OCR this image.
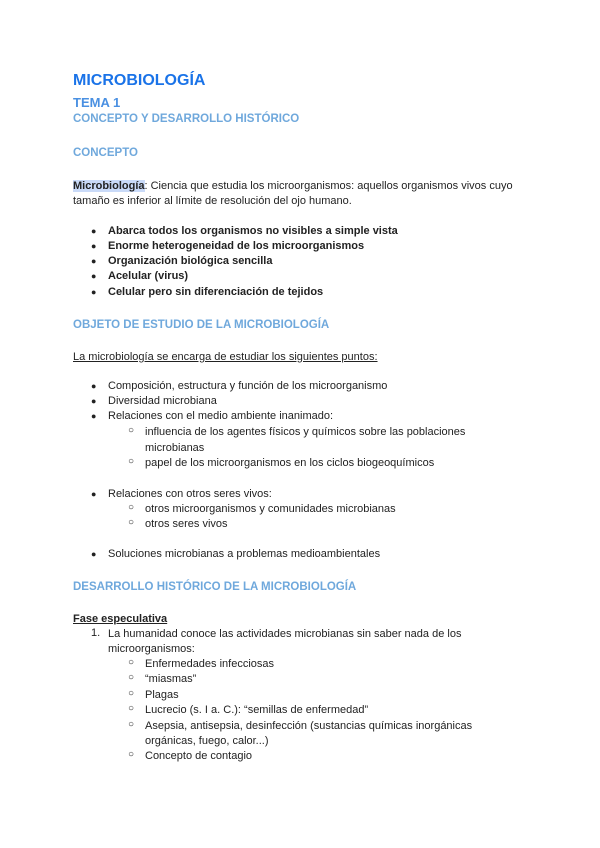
MICROBIOLOGÍA
TEMA 1
CONCEPTO Y DESARROLLO HISTÓRICO
CONCEPTO
Microbiología: Ciencia que estudia los microorganismos: aquellos organismos vivos cuyo
tamaño es inferior al límite de resolución del ojo humano.
● Abarca todos los organismos no visibles a simple vista
● Enorme heterogeneidad de los microorganismos
● Organización biológica sencilla
● Acelular (virus)
● Celular pero sin diferenciación de tejidos
OBJETO DE ESTUDIO DE LA MICROBIOLOGÍA
La microbiología se encarga de estudiar los siguientes puntos:
● Composición, estructura y función de los microorganismo
● Diversidad microbiana
● Relaciones con el medio ambiente inanimado:
○ influencia de los agentes físicos y químicos sobre las poblaciones
microbianas
○ papel de los microorganismos en los ciclos biogeoquímicos
● Relaciones con otros seres vivos:
○ otros microorganismos y comunidades microbianas
○ otros seres vivos
● Soluciones microbianas a problemas medioambientales
DESARROLLO HISTÓRICO DE LA MICROBIOLOGÍA
Fase especulativa
1. La humanidad conoce las actividades microbianas sin saber nada de los
microorganismos:
○ Enfermedades infecciosas
○ “miasmas”
○ Plagas
○ Lucrecio (s. I a. C.): “semillas de enfermedad”
○ Asepsia, antisepsia, desinfección (sustancias químicas inorgánicas
orgánicas, fuego, calor...)
○ Concepto de contagio
